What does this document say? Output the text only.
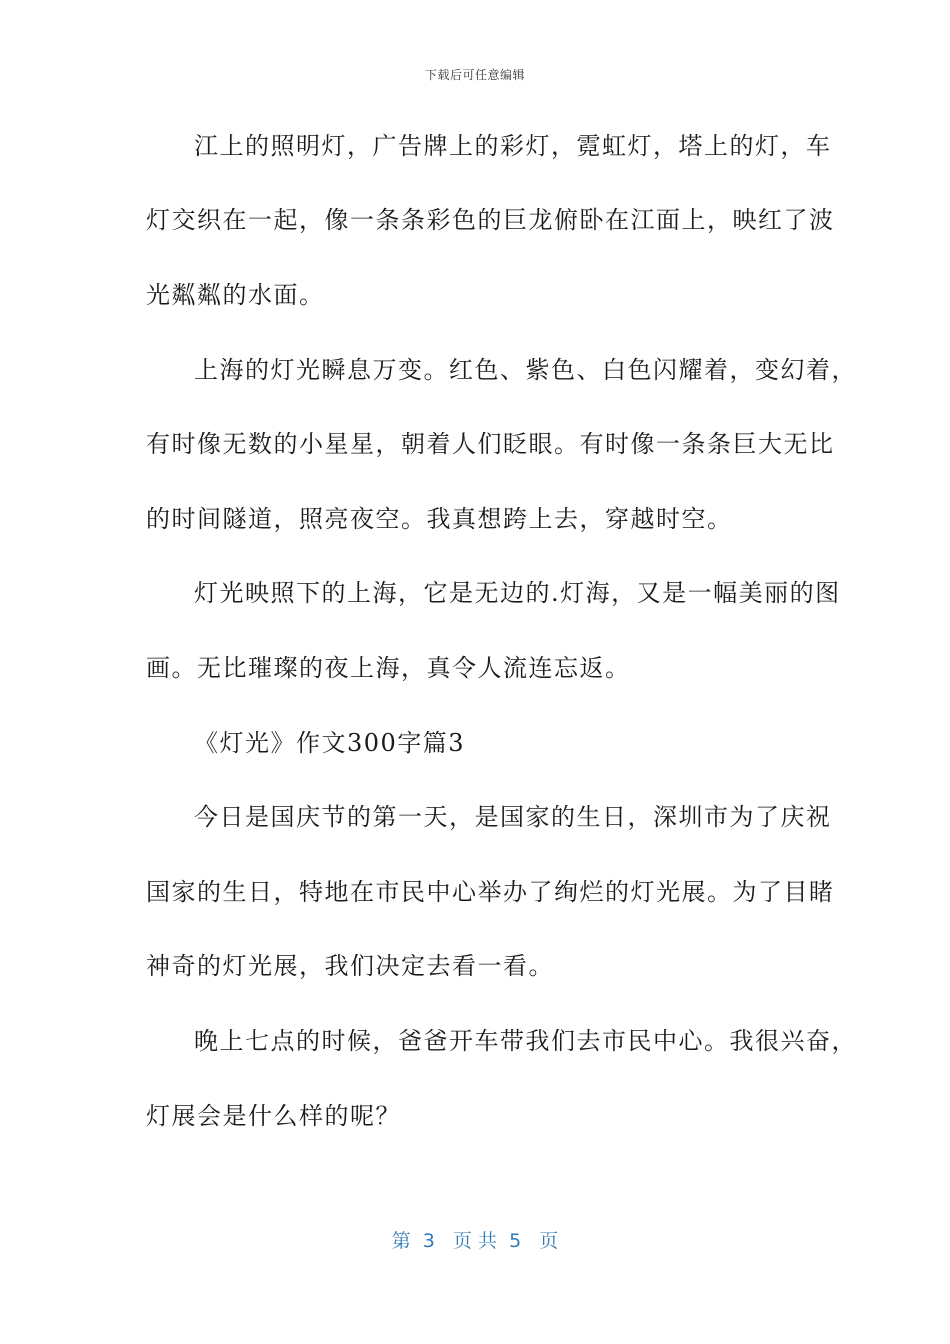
下载后可任意编辑
江上的照明灯，广告牌上的彩灯，霓虹灯，塔上的灯，车
灯交织在一起，像一条条彩色的巨龙俯卧在江面上，映红了波
光粼粼的水面。
上海的灯光瞬息万变。红色、紫色、白色闪耀着，变幻着，
有时像无数的小星星，朝着人们眨眼。有时像一条条巨大无比
的时间隧道，照亮夜空。我真想跨上去，穿越时空。
灯光映照下的上海，它是无边的.灯海，又是一幅美丽的图
画。无比璀璨的夜上海，真令人流连忘返。
《灯光》作文300字篇3
今日是国庆节的第一天，是国家的生日，深圳市为了庆祝
国家的生日，特地在市民中心举办了绚烂的灯光展。为了目睹
神奇的灯光展，我们决定去看一看。
晚上七点的时候，爸爸开车带我们去市民中心。我很兴奋，
灯展会是什么样的呢？
第  3   页 共  5   页
